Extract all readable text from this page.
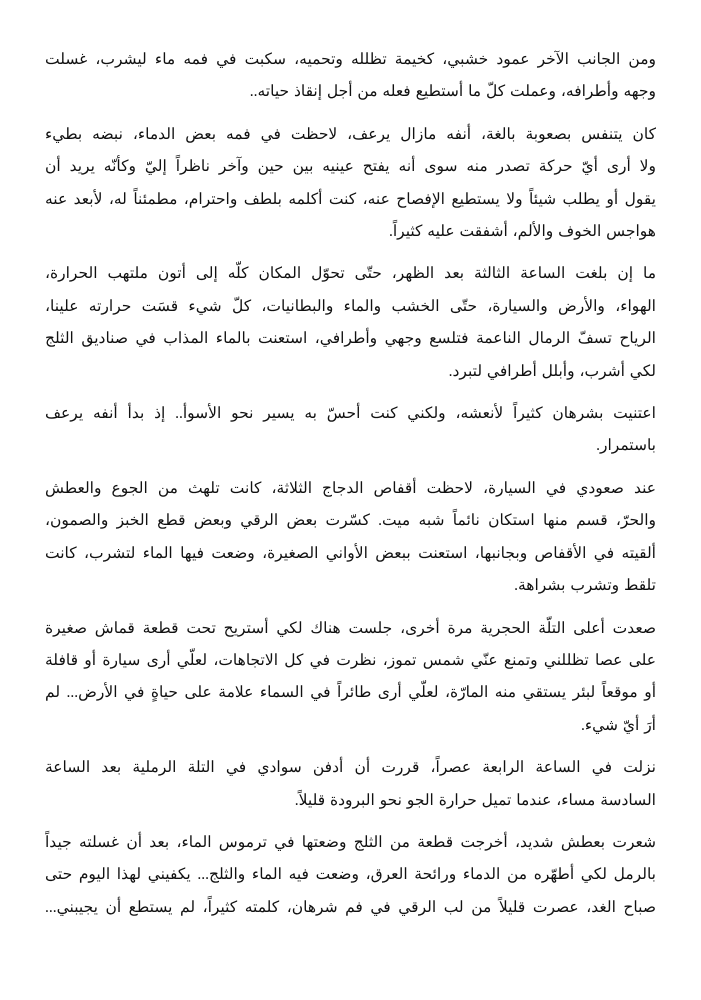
ومن الجانب الآخر عمود خشبي، كخيمة تظلله وتحميه، سكبت في فمه ماء ليشرب، غسلت
وجهه وأطرافه، وعملت كلّ ما أستطيع فعله من أجل إنقاذ حياته..

كان يتنفس بصعوبة بالغة، أنفه مازال يرعف، لاحظت في فمه بعض الدماء، نبضه بطيء
ولا أرى أيّ حركة تصدر منه سوى أنه يفتح عينيه بين حين وآخر ناظراً إليّ وكأنّه يريد أن
يقول أو يطلب شيئاً ولا يستطيع الإفصاح عنه، كنت أكلمه بلطف واحترام، مطمئناً له، لأبعد عنه
هواجس الخوف والألم، أشفقت عليه كثيراً.

ما إن بلغت الساعة الثالثة بعد الظهر، حتّى تحوّل المكان كلّه إلى أتون ملتهب الحرارة،
الهواء، والأرض والسيارة، حتّى الخشب والماء والبطانيات، كلّ شيء قسَت حرارته علينا،
الرياح تسفّ الرمال الناعمة فتلسع وجهي وأطرافي، استعنت بالماء المذاب في صناديق الثلج
لكي أشرب، وأبلل أطرافي لتبرد.

اعتنيت بشرهان كثيراً لأنعشه، ولكني كنت أحسّ به يسير نحو الأسوأ.. إذ بدأ أنفه يرعف
باستمرار.

عند صعودي في السيارة، لاحظت أقفاص الدجاج الثلاثة، كانت تلهث من الجوع والعطش
والحرّ، قسم منها استكان نائماً شبه ميت. كسّرت بعض الرقي وبعض قطع الخبز والصمون،
ألقيته في الأقفاص وبجانبها، استعنت ببعض الأواني الصغيرة، وضعت فيها الماء لتشرب، كانت
تلقط وتشرب بشراهة.

صعدت أعلى التلّة الحجرية مرة أخرى، جلست هناك لكي أستريح تحت قطعة قماش صغيرة
على عصا تظللني وتمنع عنّي شمس تموز، نظرت في كل الاتجاهات، لعلّي أرى سيارة أو قافلة
أو موقعاً لبئر يستقي منه المارّة، لعلّي أرى طائراً في السماء علامة على حياةٍ في الأرض... لم
أرَ أيّ شيء.

نزلت في الساعة الرابعة عصراً، قررت أن أدفن سوادي في التلة الرملية بعد الساعة
السادسة مساء، عندما تميل حرارة الجو نحو البرودة قليلاً.

شعرت بعطش شديد، أخرجت قطعة من الثلج وضعتها في ترموس الماء، بعد أن غسلته جيداً
بالرمل لكي أطهّره من الدماء ورائحة العرق، وضعت فيه الماء والثلج... يكفيني لهذا اليوم حتى
صباح الغد، عصرت قليلاً من لب الرقي في فم شرهان، كلمته كثيراً، لم يستطع أن يجيبني...
